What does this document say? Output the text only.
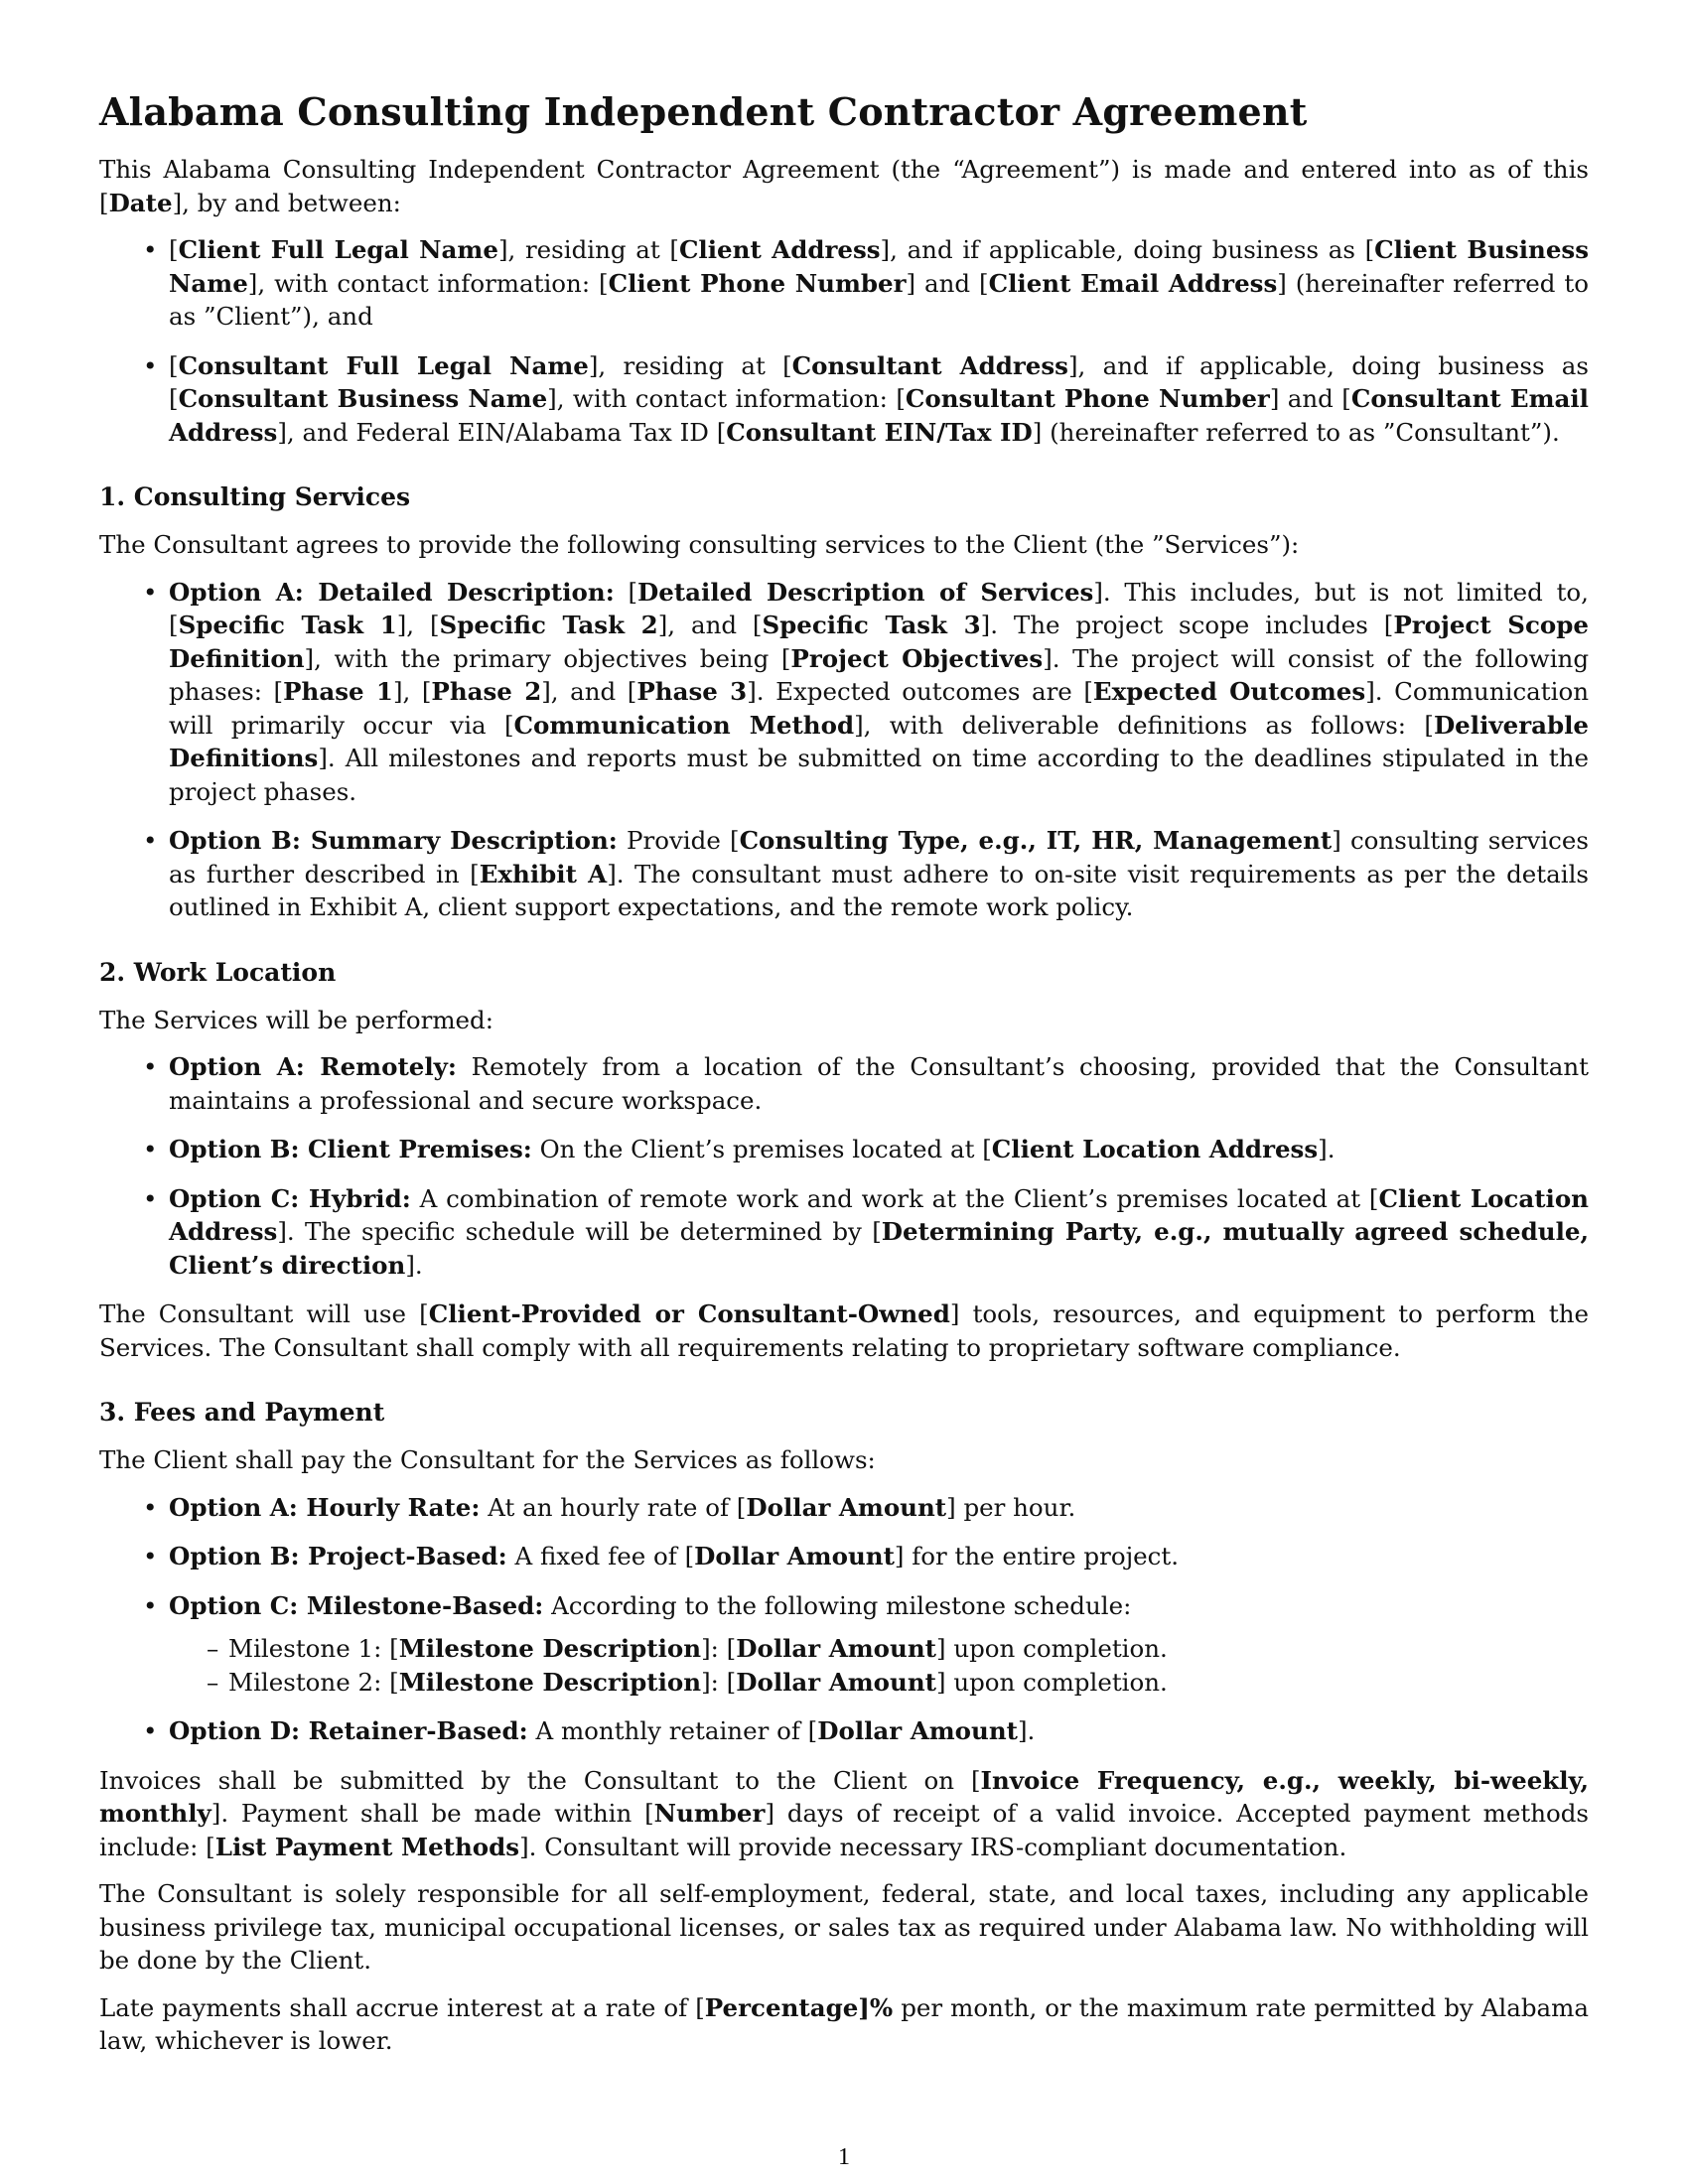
Alabama Consulting Independent Contractor Agreement

This Alabama Consulting Independent Contractor Agreement (the “Agreement”) is made and entered into as of this [Date], by and between:

• [Client Full Legal Name], residing at [Client Address], and if applicable, doing business as [Client Business Name], with contact information: [Client Phone Number] and [Client Email Address] (hereinafter referred to as ”Client”), and
• [Consultant Full Legal Name], residing at [Consultant Address], and if applicable, doing business as [Consultant Business Name], with contact information: [Consultant Phone Number] and [Consultant Email Address], and Federal EIN/Alabama Tax ID [Consultant EIN/Tax ID] (hereinafter referred to as ”Consultant”).
1. Consulting Services

The Consultant agrees to provide the following consulting services to the Client (the ”Services”):

• Option A: Detailed Description: [Detailed Description of Services]. This includes, but is not limited to, [Specific Task 1], [Specific Task 2], and [Specific Task 3]. The project scope includes [Project Scope Definition], with the primary objectives being [Project Objectives]. The project will consist of the following phases: [Phase 1], [Phase 2], and [Phase 3]. Expected outcomes are [Expected Outcomes]. Communication will primarily occur via [Communication Method], with deliverable definitions as follows: [Deliverable Definitions]. All milestones and reports must be submitted on time according to the deadlines stipulated in the project phases.
• Option B: Summary Description: Provide [Consulting Type, e.g., IT, HR, Management] consulting services as further described in [Exhibit A]. The consultant must adhere to on-site visit requirements as per the details outlined in Exhibit A, client support expectations, and the remote work policy.
2. Work Location

The Services will be performed:

• Option A: Remotely: Remotely from a location of the Consultant’s choosing, provided that the Consultant maintains a professional and secure workspace.
• Option B: Client Premises: On the Client’s premises located at [Client Location Address].
• Option C: Hybrid: A combination of remote work and work at the Client’s premises located at [Client Location Address]. The specific schedule will be determined by [Determining Party, e.g., mutually agreed schedule, Client’s direction].

The Consultant will use [Client-Provided or Consultant-Owned] tools, resources, and equipment to perform the Services. The Consultant shall comply with all requirements relating to proprietary software compliance.

3. Fees and Payment

The Client shall pay the Consultant for the Services as follows:

• Option A: Hourly Rate: At an hourly rate of [Dollar Amount] per hour.
• Option B: Project-Based: A fixed fee of [Dollar Amount] for the entire project.
• Option C: Milestone-Based: According to the following milestone schedule:
– Milestone 1: [Milestone Description]: [Dollar Amount] upon completion.
– Milestone 2: [Milestone Description]: [Dollar Amount] upon completion.
• Option D: Retainer-Based: A monthly retainer of [Dollar Amount].

Invoices shall be submitted by the Consultant to the Client on [Invoice Frequency, e.g., weekly, bi-weekly, monthly]. Payment shall be made within [Number] days of receipt of a valid invoice. Accepted payment methods include: [List Payment Methods]. Consultant will provide necessary IRS-compliant documentation.

The Consultant is solely responsible for all self-employment, federal, state, and local taxes, including any applicable business privilege tax, municipal occupational licenses, or sales tax as required under Alabama law. No withholding will be done by the Client.

Late payments shall accrue interest at a rate of [Percentage]% per month, or the maximum rate permitted by Alabama law, whichever is lower.

1
